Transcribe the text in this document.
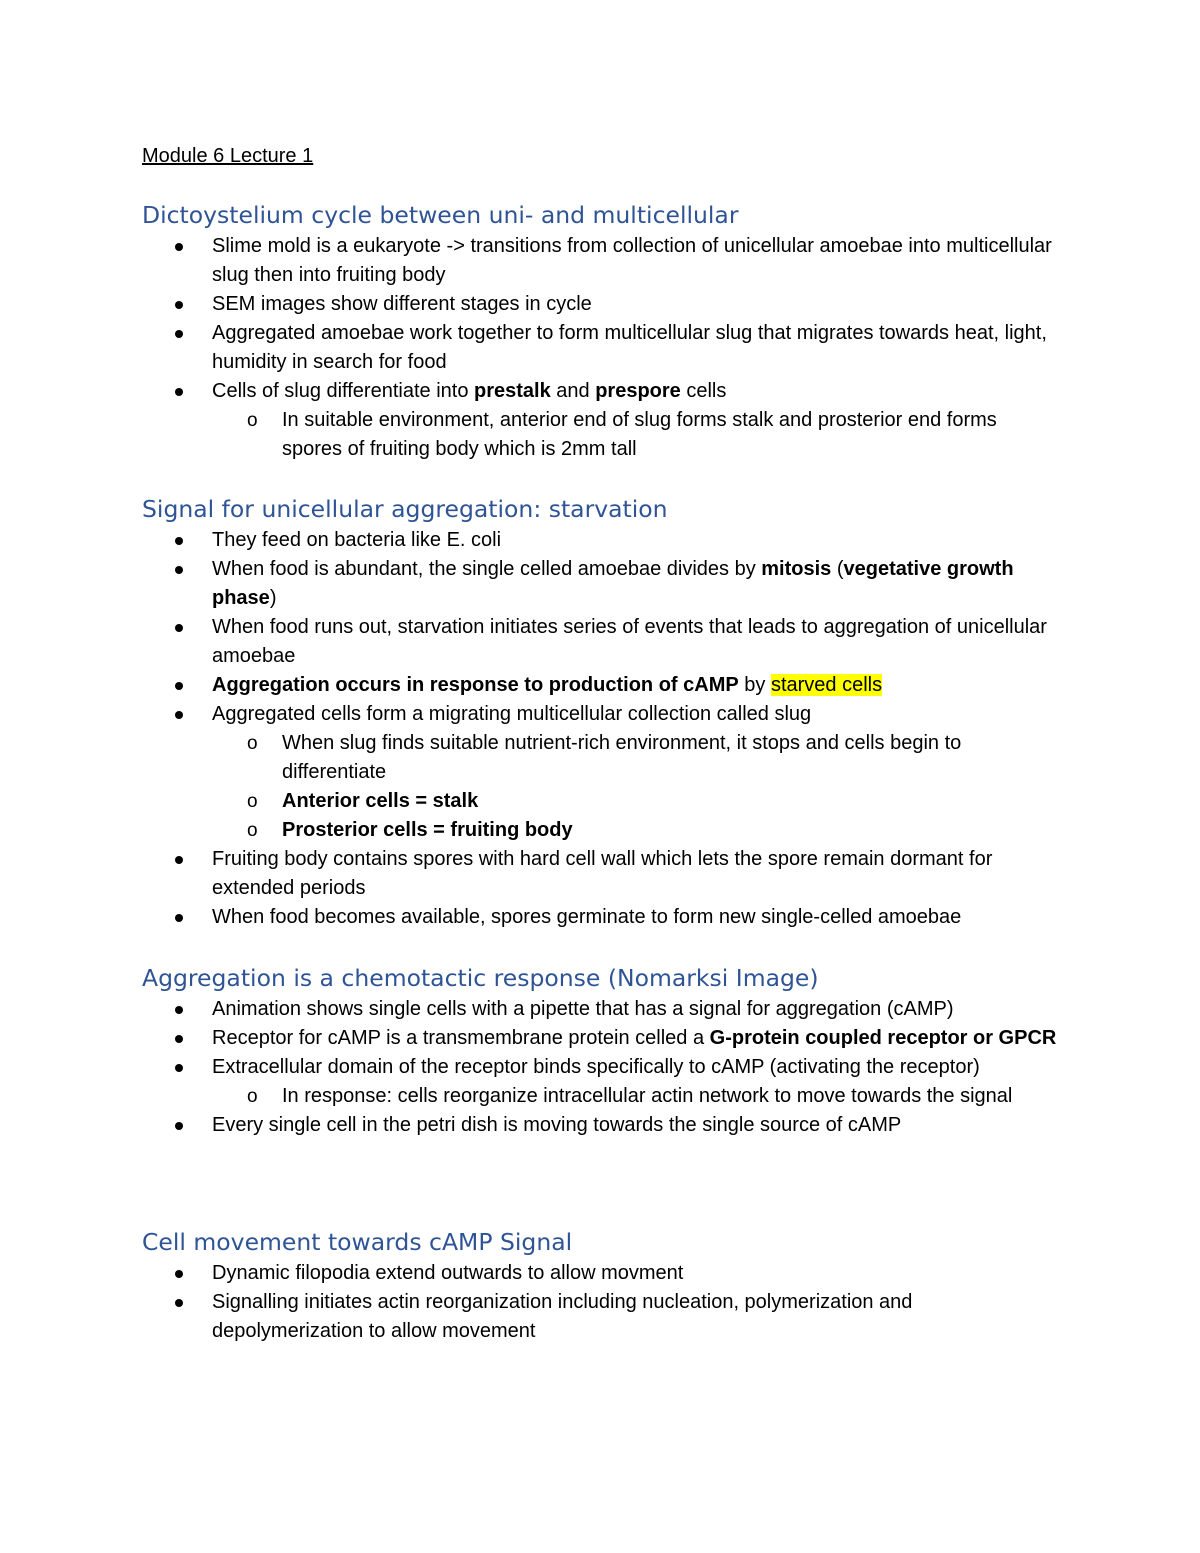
Module 6 Lecture 1
Dictoystelium cycle between uni- and multicellular
Slime mold is a eukaryote -> transitions from collection of unicellular amoebae into multicellular slug then into fruiting body
SEM images show different stages in cycle
Aggregated amoebae work together to form multicellular slug that migrates towards heat, light, humidity in search for food
Cells of slug differentiate into prestalk and prespore cells
o In suitable environment, anterior end of slug forms stalk and prosterior end forms spores of fruiting body which is 2mm tall
Signal for unicellular aggregation: starvation
They feed on bacteria like E. coli
When food is abundant, the single celled amoebae divides by mitosis (vegetative growth phase)
When food runs out, starvation initiates series of events that leads to aggregation of unicellular amoebae
Aggregation occurs in response to production of cAMP by starved cells
Aggregated cells form a migrating multicellular collection called slug
o When slug finds suitable nutrient-rich environment, it stops and cells begin to differentiate
o Anterior cells = stalk
o Prosterior cells = fruiting body
Fruiting body contains spores with hard cell wall which lets the spore remain dormant for extended periods
When food becomes available, spores germinate to form new single-celled amoebae
Aggregation is a chemotactic response (Nomarksi Image)
Animation shows single cells with a pipette that has a signal for aggregation (cAMP)
Receptor for cAMP is a transmembrane protein celled a G-protein coupled receptor or GPCR
Extracellular domain of the receptor binds specifically to cAMP (activating the receptor)
o In response: cells reorganize intracellular actin network to move towards the signal
Every single cell in the petri dish is moving towards the single source of cAMP
Cell movement towards cAMP Signal
Dynamic filopodia extend outwards to allow movment
Signalling initiates actin reorganization including nucleation, polymerization and depolymerization to allow movement
